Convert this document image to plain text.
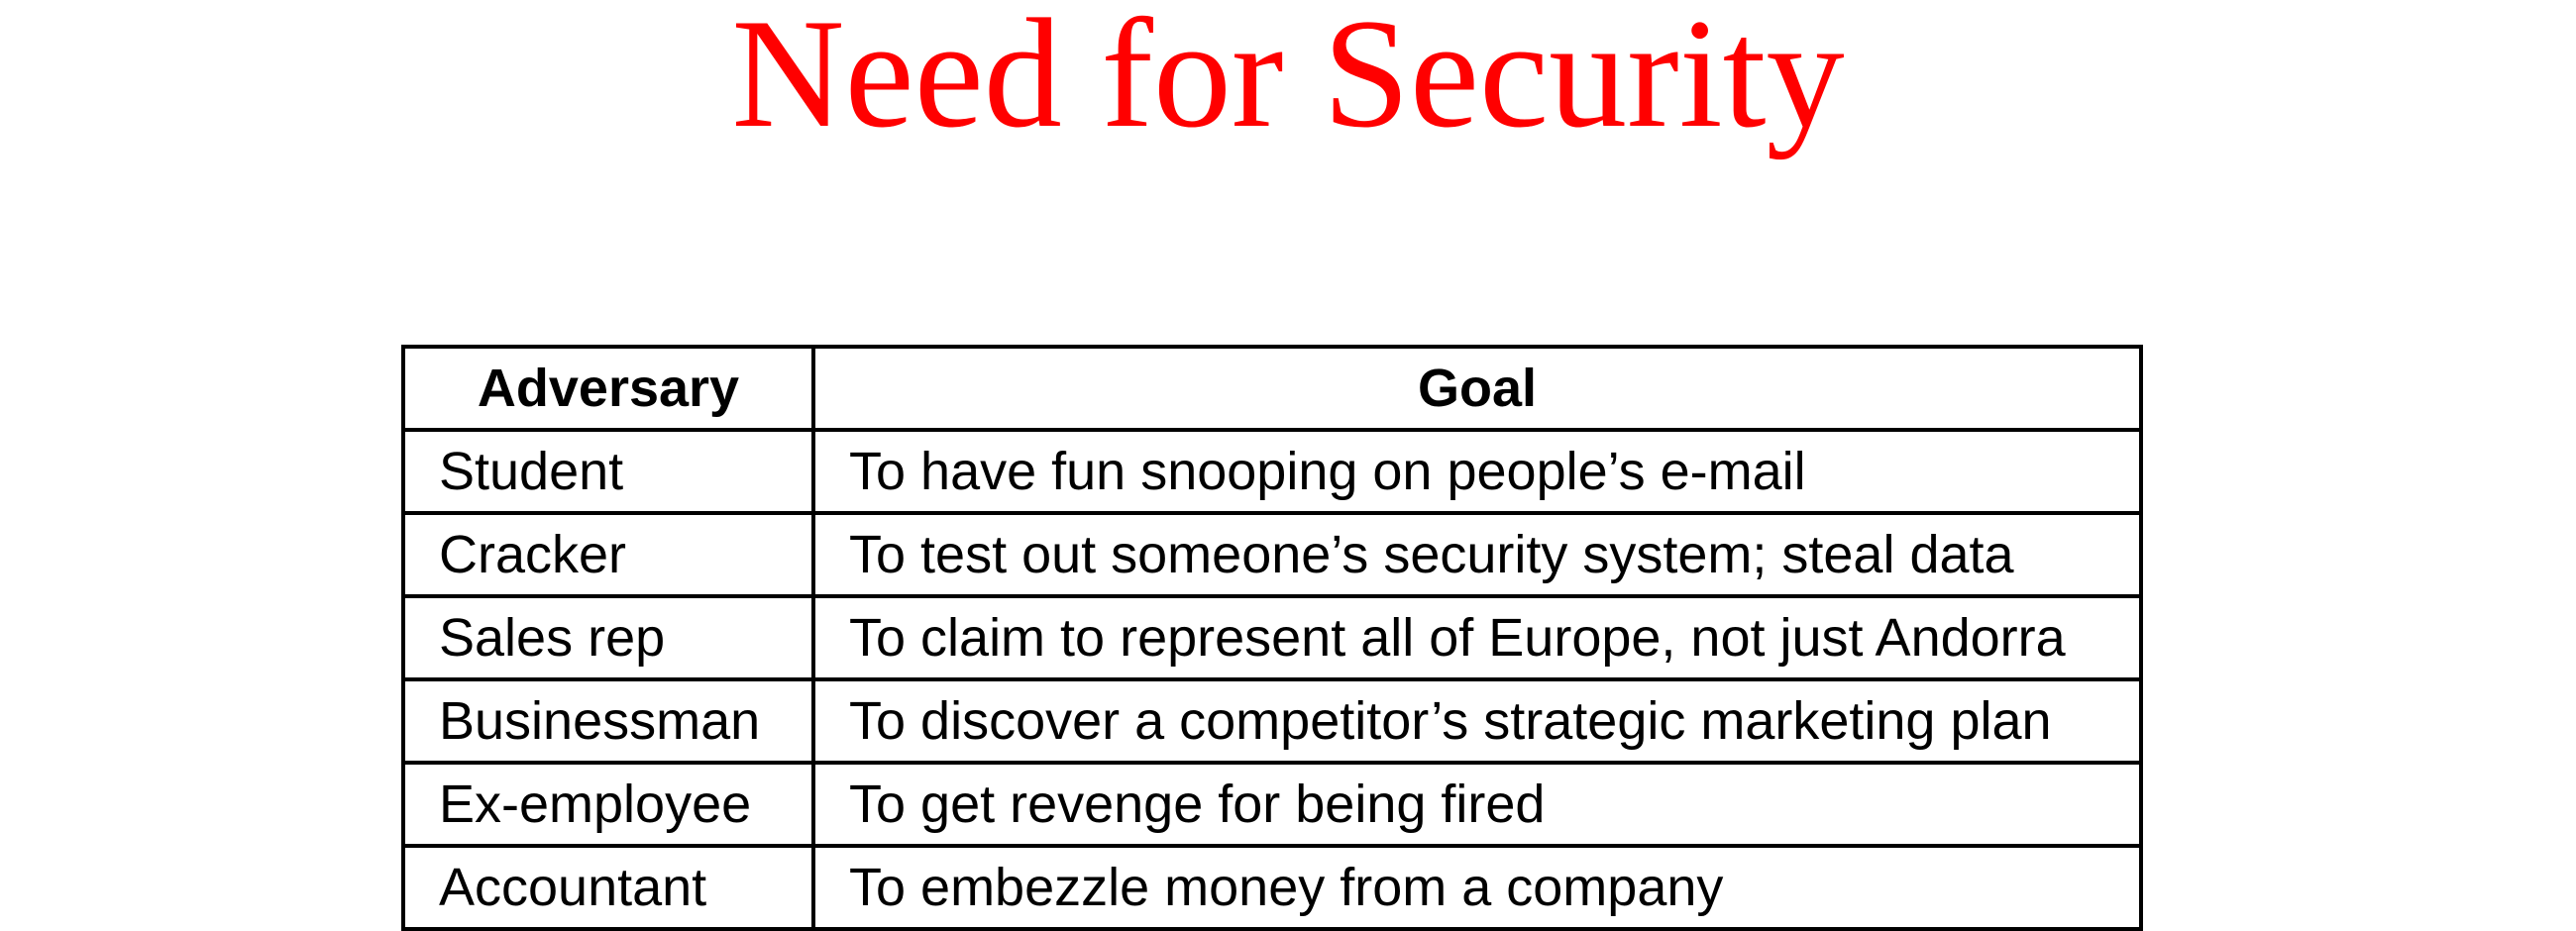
Need for Security
Adversary	Goal
Student	To have fun snooping on people’s e-mail
Cracker	To test out someone’s security system; steal data
Sales rep	To claim to represent all of Europe, not just Andorra
Businessman	To discover a competitor’s strategic marketing plan
Ex-employee	To get revenge for being fired
Accountant	To embezzle money from a company
